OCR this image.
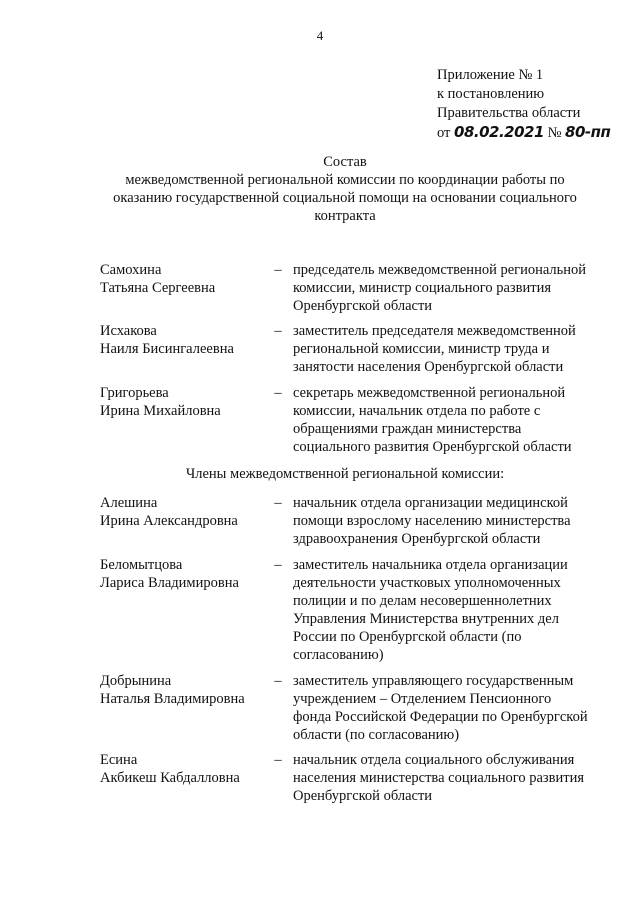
4
Приложение № 1
к постановлению
Правительства области
от 08.02.2021 № 80-пп
Состав
межведомственной региональной комиссии по координации работы по оказанию государственной социальной помощи на основании социального контракта
Самохина
Татьяна Сергеевна
– председатель межведомственной региональной комиссии, министр социального развития Оренбургской области
Исхакова
Наиля Бисингалеевна
– заместитель председателя межведомственной региональной комиссии, министр труда и занятости населения Оренбургской области
Григорьева
Ирина Михайловна
– секретарь межведомственной региональной комиссии, начальник отдела по работе с обращениями граждан министерства социального развития Оренбургской области
Члены межведомственной региональной комиссии:
Алешина
Ирина Александровна
– начальник отдела организации медицинской помощи взрослому населению министерства здравоохранения Оренбургской области
Беломытцова
Лариса Владимировна
– заместитель начальника отдела организации деятельности участковых уполномоченных полиции и по делам несовершеннолетних Управления Министерства внутренних дел России по Оренбургской области (по согласованию)
Добрынина
Наталья Владимировна
– заместитель управляющего государственным учреждением – Отделением Пенсионного фонда Российской Федерации по Оренбургской области (по согласованию)
Есина
Акбикеш Кабдалловна
– начальник отдела социального обслуживания населения министерства социального развития Оренбургской области
